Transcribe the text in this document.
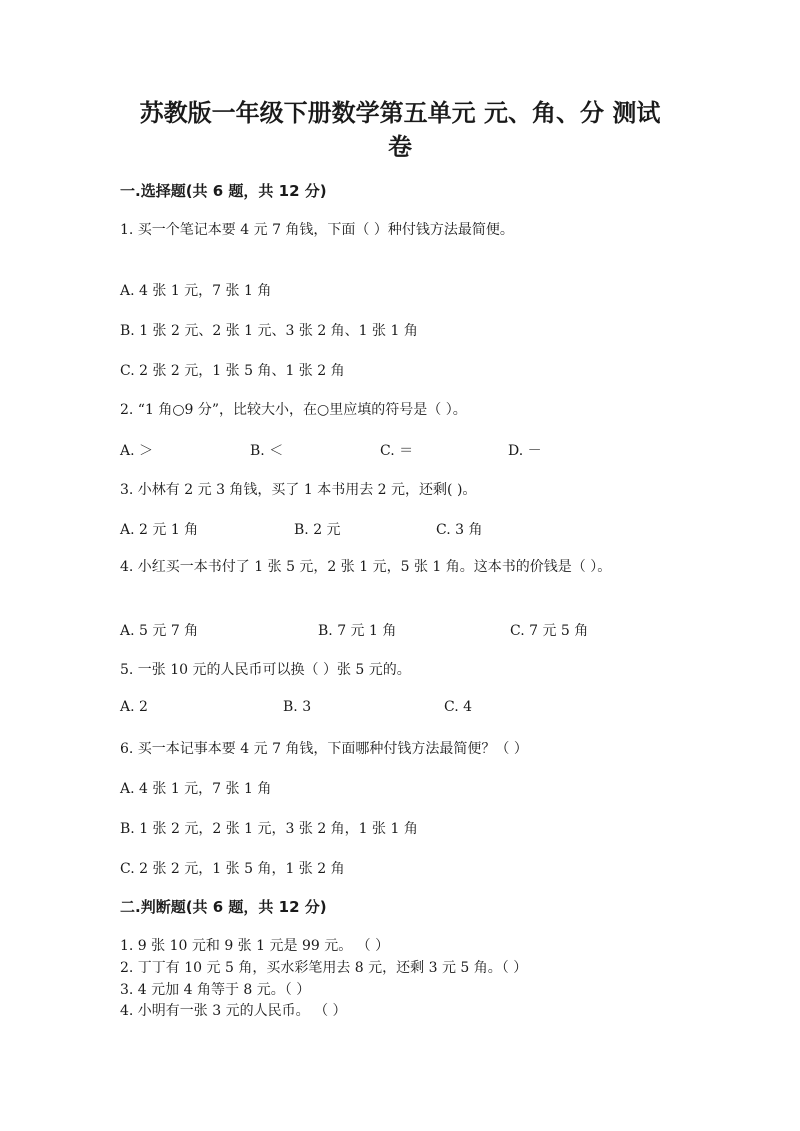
苏教版一年级下册数学第五单元 元、角、分 测试
卷
一.选择题(共 6 题，共 12 分)
1. 买一个笔记本要 4 元 7 角钱，下面（ ）种付钱方法最简便。
A. 4 张 1 元，7 张 1 角
B. 1 张 2 元、2 张 1 元、3 张 2 角、1 张 1 角
C. 2 张 2 元，1 张 5 角、1 张 2 角
2. “1 角○9 分”，比较大小，在○里应填的符号是（ ）。
A. ＞	B. ＜	C. ＝	D. －
3. 小林有 2 元 3 角钱，买了 1 本书用去 2 元，还剩( )。
A. 2 元 1 角	B. 2 元	C. 3 角
4. 小红买一本书付了 1 张 5 元，2 张 1 元，5 张 1 角。这本书的价钱是（ ）。
A. 5 元 7 角	B. 7 元 1 角	C. 7 元 5 角
5. 一张 10 元的人民币可以换（ ）张 5 元的。
A. 2	B. 3	C. 4
6. 买一本记事本要 4 元 7 角钱，下面哪种付钱方法最简便？（ ）
A. 4 张 1 元，7 张 1 角
B. 1 张 2 元，2 张 1 元，3 张 2 角，1 张 1 角
C. 2 张 2 元，1 张 5 角，1 张 2 角
二.判断题(共 6 题，共 12 分)
1. 9 张 10 元和 9 张 1 元是 99 元。 （ ）
2. 丁丁有 10 元 5 角，买水彩笔用去 8 元，还剩 3 元 5 角。（ ）
3. 4 元加 4 角等于 8 元。（ ）
4. 小明有一张 3 元的人民币。 （ ）
